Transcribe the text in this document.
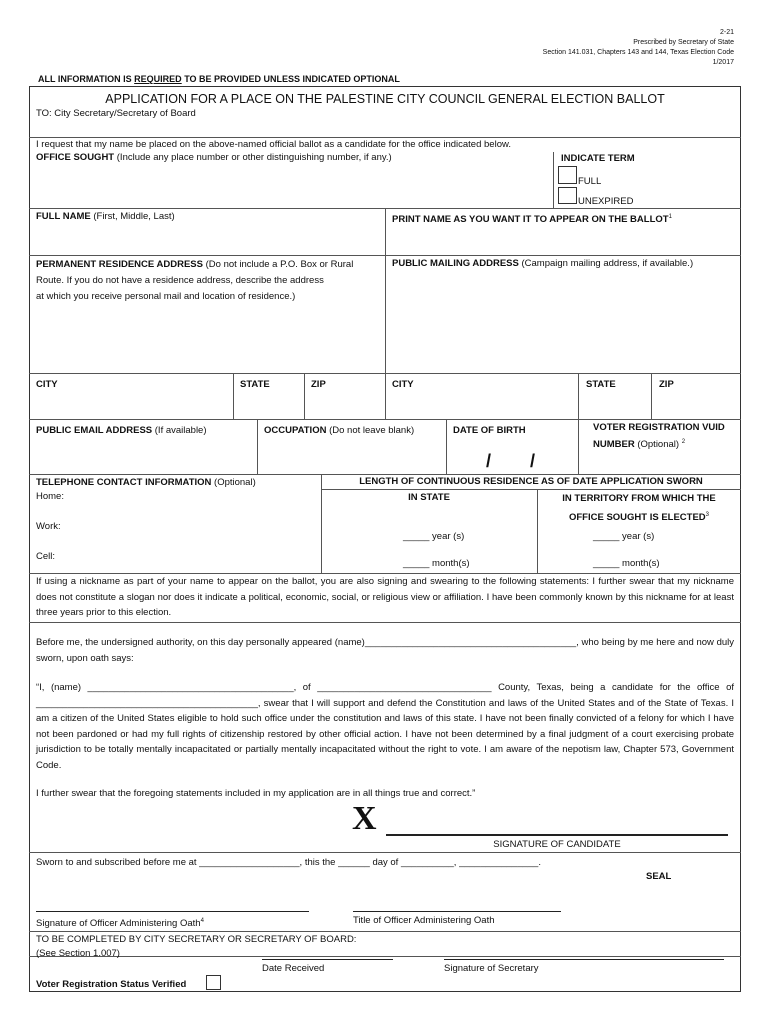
2-21
Prescribed by Secretary of State
Section 141.031, Chapters 143 and 144, Texas Election Code
1/2017
ALL INFORMATION IS REQUIRED TO BE PROVIDED UNLESS INDICATED OPTIONAL
APPLICATION FOR A PLACE ON THE PALESTINE CITY COUNCIL GENERAL ELECTION BALLOT
TO: City Secretary/Secretary of Board
I request that my name be placed on the above-named official ballot as a candidate for the office indicated below.
OFFICE SOUGHT (Include any place number or other distinguishing number, if any.)	INDICATE TERM
FULL
UNEXPIRED
FULL NAME (First, Middle, Last)	PRINT NAME AS YOU WANT IT TO APPEAR ON THE BALLOT$^1$
PERMANENT RESIDENCE ADDRESS (Do not include a P.O. Box or Rural
Route. If you do not have a residence address, describe the address
at which you receive personal mail and location of residence.)
PUBLIC MAILING ADDRESS (Campaign mailing address, if available.)
CITY	STATE	ZIP	CITY	STATE	ZIP
PUBLIC EMAIL ADDRESS (If available)	OCCUPATION (Do not leave blank)	DATE OF BIRTH
/ /
VOTER REGISTRATION VUID
NUMBER (Optional) $^2$
TELEPHONE CONTACT INFORMATION (Optional)
Home:
Work:
Cell:
LENGTH OF CONTINUOUS RESIDENCE AS OF DATE APPLICATION SWORN
IN STATE	IN TERRITORY FROM WHICH THE
OFFICE SOUGHT IS ELECTED$^3$
_____ year (s)
_____ month(s)
_____ year (s)
_____ month(s)
If using a nickname as part of your name to appear on the ballot, you are also signing and swearing to the following statements: I further swear that my nickname does not constitute a slogan nor does it indicate a political, economic, social, or religious view or affiliation. I have been commonly known by this nickname for at least three years prior to this election.
Before me, the undersigned authority, on this day personally appeared (name)________________________________________, who being by me here and now duly sworn, upon oath says:
“I, (name) _______________________________________, of _________________________________ County, Texas, being a candidate for the office of __________________________________________, swear that I will support and defend the Constitution and laws of the United States and of the State of Texas. I am a citizen of the United States eligible to hold such office under the constitution and laws of this state. I have not been finally convicted of a felony for which I have not been pardoned or had my full rights of citizenship restored by other official action. I have not been determined by a final judgment of a court exercising probate jurisdiction to be totally mentally incapacitated or partially mentally incapacitated without the right to vote. I am aware of the nepotism law, Chapter 573, Government Code.
I further swear that the foregoing statements included in my application are in all things true and correct.”
X
SIGNATURE OF CANDIDATE
Sworn to and subscribed before me at ___________________, this the ______ day of __________, _______________.
SEAL
Signature of Officer Administering Oath$^4$	Title of Officer Administering Oath
TO BE COMPLETED BY CITY SECRETARY OR SECRETARY OF BOARD:
(See Section 1.007)
Date Received	Signature of Secretary
Voter Registration Status Verified
